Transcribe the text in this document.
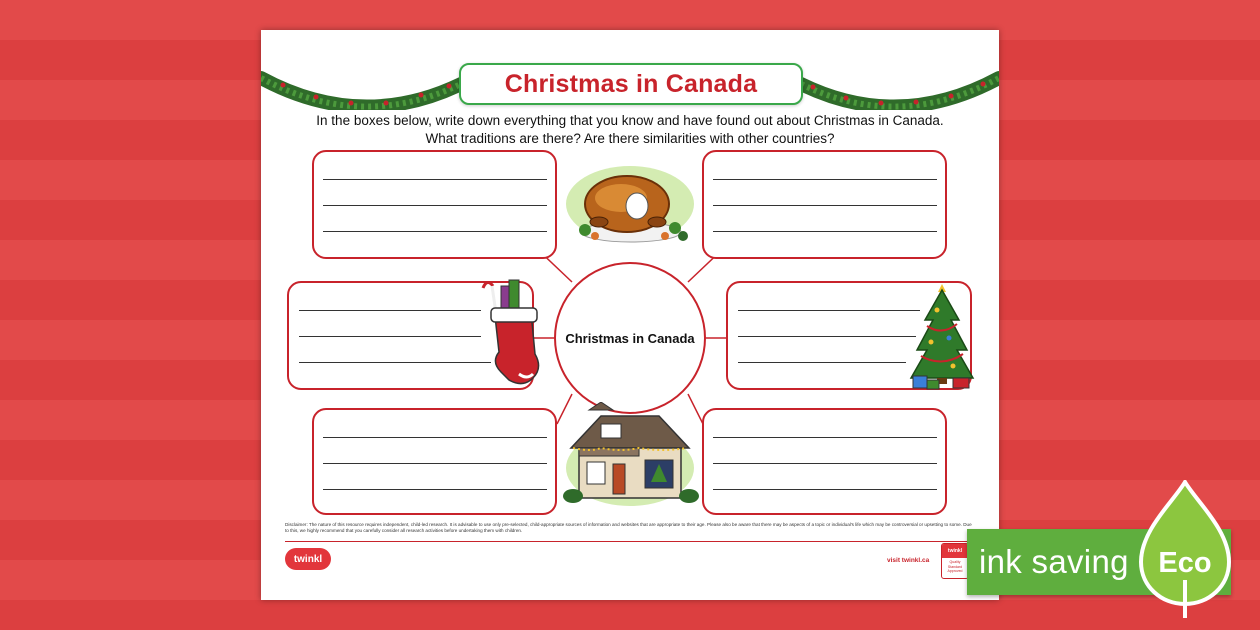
Christmas in Canada
In the boxes below, write down everything that you know and have found out about Christmas in Canada.
What traditions are there? Are there similarities with other countries?
Christmas in Canada
Disclaimer: The nature of this resource requires independent, child-led research. It is advisable to use only pre-selected, child-appropriate sources of information and websites that are appropriate to their age. Please also be aware that there may be aspects of a topic or individual's life which may be controversial or upsetting to some. Due to this, we highly recommend that you carefully consider all research activities before undertaking them with children.
twinkl	visit twinkl.ca
twinkl
Quality Standard Approved ink saving Eco
